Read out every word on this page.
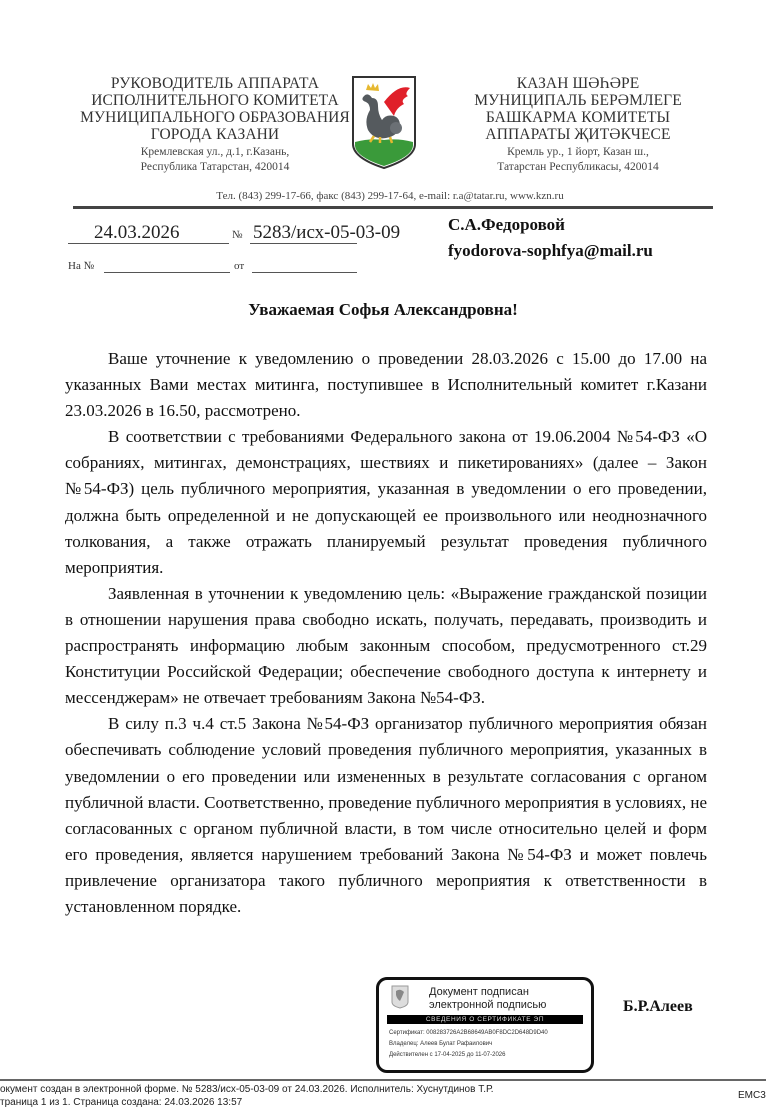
РУКОВОДИТЕЛЬ АППАРАТА
ИСПОЛНИТЕЛЬНОГО КОМИТЕТА
МУНИЦИПАЛЬНОГО ОБРАЗОВАНИЯ
ГОРОДА КАЗАНИ
Кремлевская ул., д.1, г.Казань,
Республика Татарстан, 420014
КАЗАН ШӘҺӘРЕ
МУНИЦИПАЛЬ БЕРӘМЛЕГЕ
БАШКАРМА КОМИТЕТЫ
АППАРАТЫ ҖИТӘКЧЕСЕ
Кремль ур., 1 йорт, Казан ш.,
Татарстан Республикасы, 420014
Тел. (843) 299-17-66, факс (843) 299-17-64, e-mail: r.a@tatar.ru, www.kzn.ru
24.03.2026	№ 5283/исх-05-03-09
На №	от
С.А.Федоровой
fyodorova-sophfya@mail.ru
Уважаемая Софья Александровна!

Ваше уточнение к уведомлению о проведении 28.03.2026 с 15.00 до 17.00 на указанных Вами местах митинга, поступившее в Исполнительный комитет г.Казани 23.03.2026 в 16.50, рассмотрено.

В соответствии с требованиями Федерального закона от 19.06.2004 №54-ФЗ «О собраниях, митингах, демонстрациях, шествиях и пикетированиях» (далее – Закон №54-ФЗ) цель публичного мероприятия, указанная в уведомлении о его проведении, должна быть определенной и не допускающей ее произвольного или неоднозначного толкования, а также отражать планируемый результат проведения публичного мероприятия.

Заявленная в уточнении к уведомлению цель: «Выражение гражданской позиции в отношении нарушения права свободно искать, получать, передавать, производить и распространять информацию любым законным способом, предусмотренного ст.29 Конституции Российской Федерации; обеспечение свободного доступа к интернету и мессенджерам» не отвечает требованиям Закона №54-ФЗ.

В силу п.3 ч.4 ст.5 Закона №54-ФЗ организатор публичного мероприятия обязан обеспечивать соблюдение условий проведения публичного мероприятия, указанных в уведомлении о его проведении или измененных в результате согласования с органом публичной власти. Соответственно, проведение публичного мероприятия в условиях, не согласованных с органом публичной власти, в том числе относительно целей и форм его проведения, является нарушением требований Закона №54-ФЗ и может повлечь привлечение организатора такого публичного мероприятия к ответственности в установленном порядке.

Документ подписан
электронной подписью
СВЕДЕНИЯ О СЕРТИФИКАТЕ ЭП
Сертификат: 008283726A2B68649AB0F8DC2D648D9D40
Владелец: Алеев Булат Рафаилович
Действителен с 17-04-2025 до 11-07-2026
Б.Р.Алеев
окумент создан в электронной форме. № 5283/исх-05-03-09 от 24.03.2026. Исполнитель: Хуснутдинов Т.Р.
траница 1 из 1. Страница создана: 24.03.2026 13:57
EMC3
